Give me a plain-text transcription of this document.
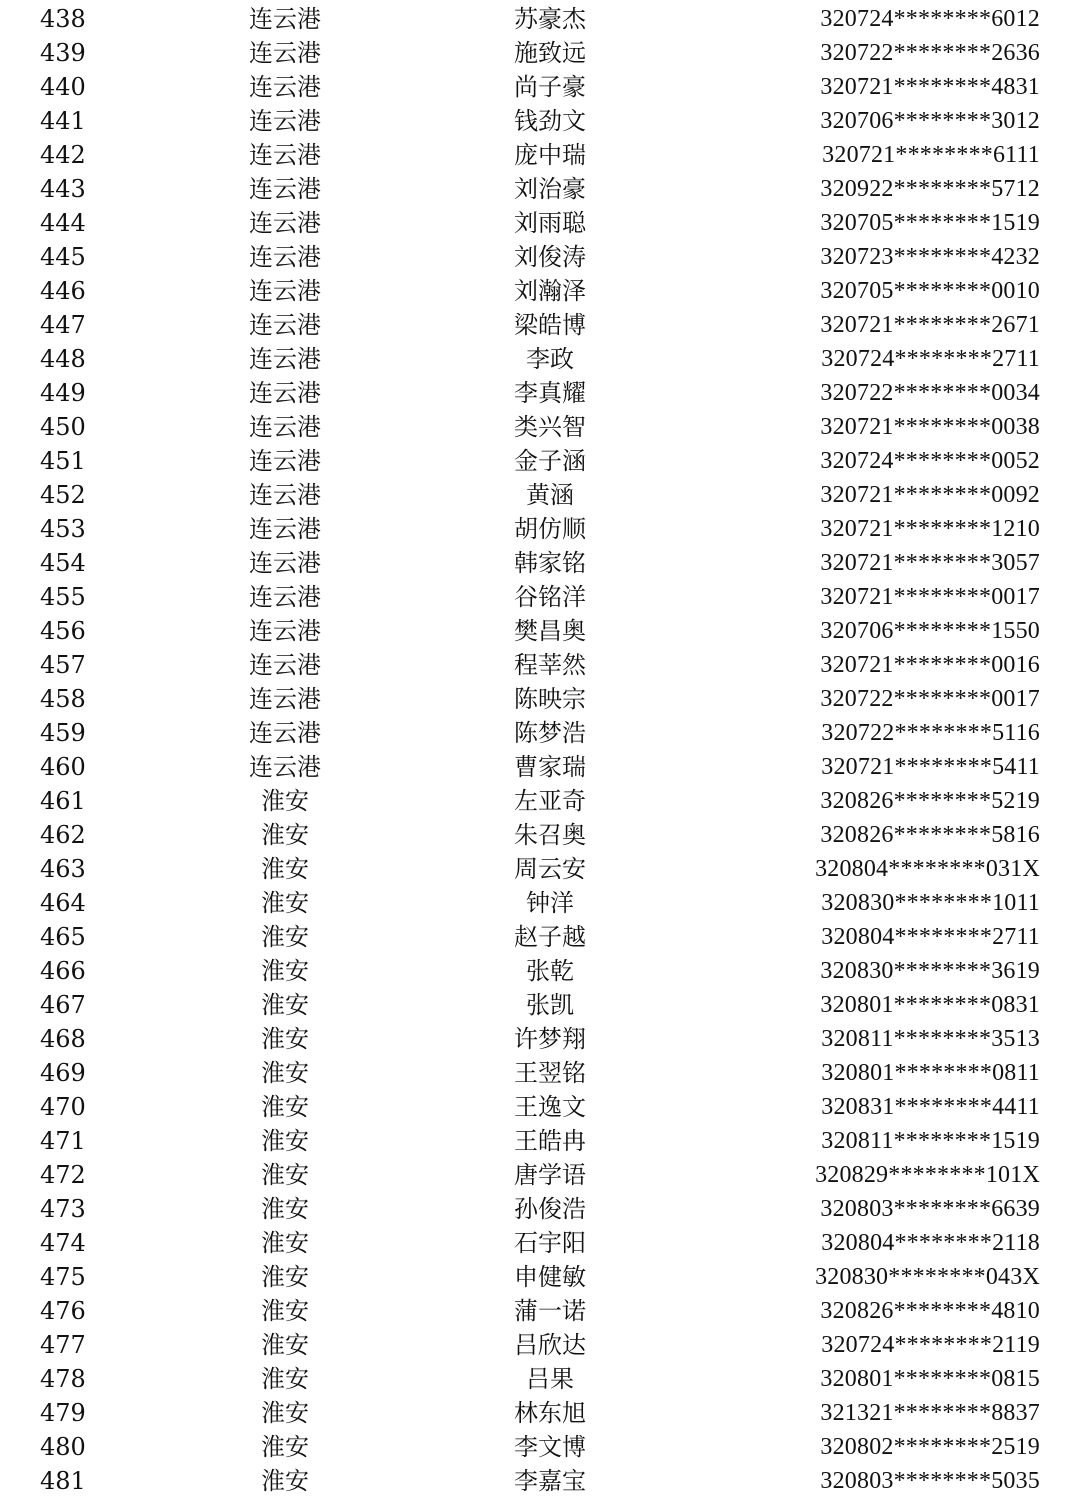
438	连云港	苏豪杰	320724********6012
439	连云港	施致远	320722********2636
440	连云港	尚子豪	320721********4831
441	连云港	钱劲文	320706********3012
442	连云港	庞中瑞	320721********6111
443	连云港	刘治豪	320922********5712
444	连云港	刘雨聪	320705********1519
445	连云港	刘俊涛	320723********4232
446	连云港	刘瀚泽	320705********0010
447	连云港	梁皓博	320721********2671
448	连云港	李政	320724********2711
449	连云港	李真耀	320722********0034
450	连云港	类兴智	320721********0038
451	连云港	金子涵	320724********0052
452	连云港	黄涵	320721********0092
453	连云港	胡仿顺	320721********1210
454	连云港	韩家铭	320721********3057
455	连云港	谷铭洋	320721********0017
456	连云港	樊昌奥	320706********1550
457	连云港	程莘然	320721********0016
458	连云港	陈映宗	320722********0017
459	连云港	陈梦浩	320722********5116
460	连云港	曹家瑞	320721********5411
461	淮安	左亚奇	320826********5219
462	淮安	朱召奥	320826********5816
463	淮安	周云安	320804********031X
464	淮安	钟洋	320830********1011
465	淮安	赵子越	320804********2711
466	淮安	张乾	320830********3619
467	淮安	张凯	320801********0831
468	淮安	许梦翔	320811********3513
469	淮安	王翌铭	320801********0811
470	淮安	王逸文	320831********4411
471	淮安	王皓冉	320811********1519
472	淮安	唐学语	320829********101X
473	淮安	孙俊浩	320803********6639
474	淮安	石宇阳	320804********2118
475	淮安	申健敏	320830********043X
476	淮安	蒲一诺	320826********4810
477	淮安	吕欣达	320724********2119
478	淮安	吕果	320801********0815
479	淮安	林东旭	321321********8837
480	淮安	李文博	320802********2519
481	淮安	李嘉宝	320803********5035
